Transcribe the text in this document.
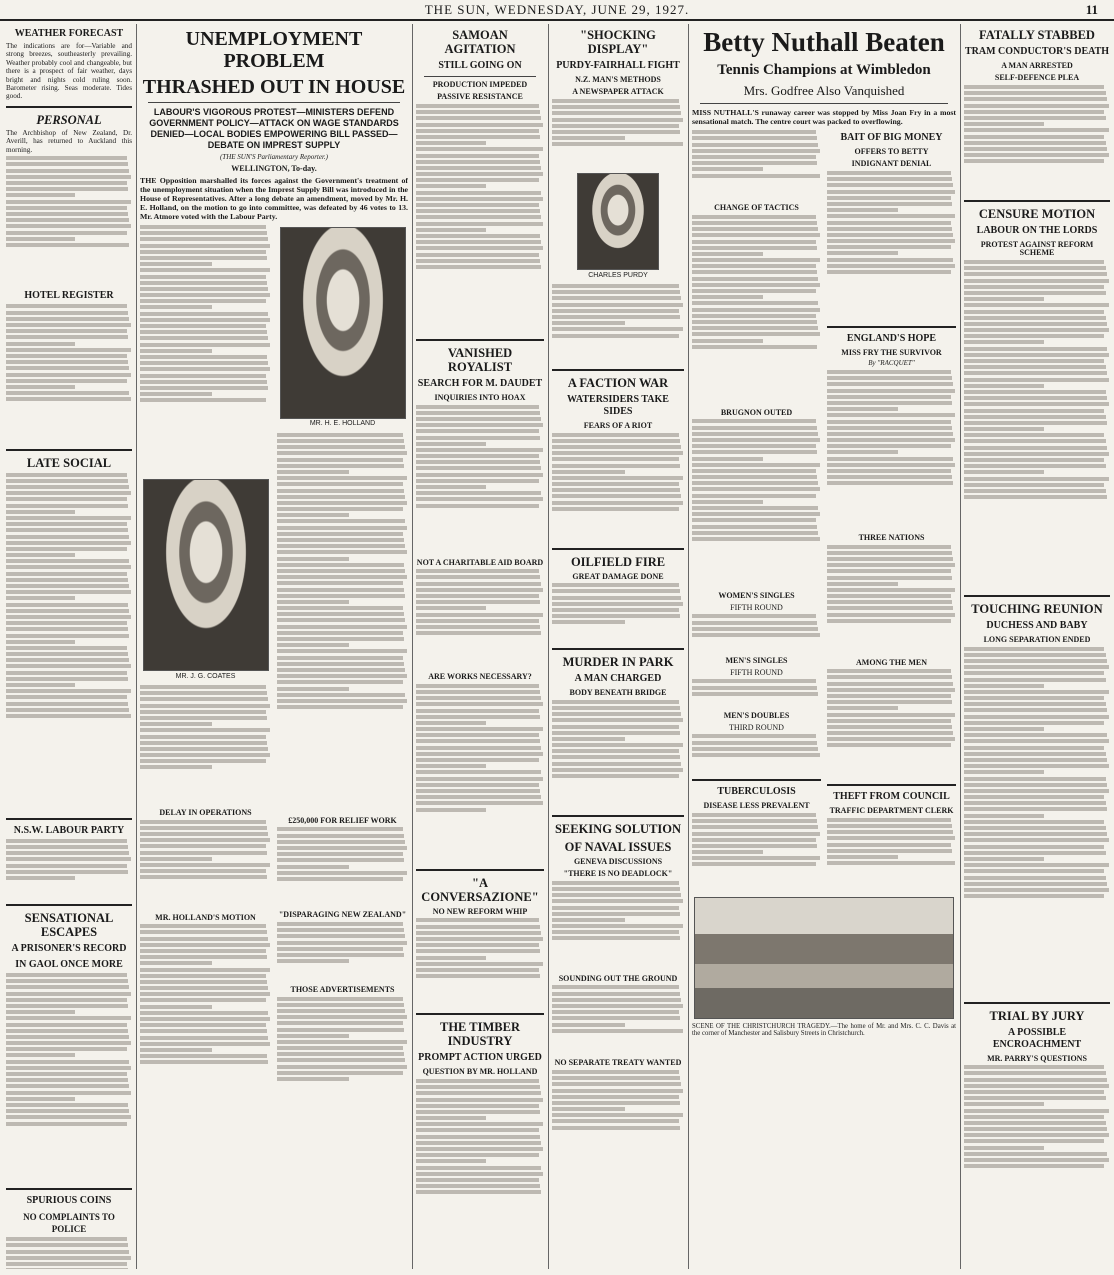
THE SUN, WEDNESDAY, JUNE 29, 1927.	11
WEATHER FORECAST
The indications are for—Variable and strong breezes, southeasterly prevailing. Weather probably cool and changeable, but there is a prospect of fair weather, days bright and nights cold ruling soon. Barometer rising. Seas moderate. Tides good.
PERSONAL
The Archbishop of New Zealand, Dr. Averill, has returned to Auckland this morning.
HOTEL REGISTER
LATE SOCIAL
N.S.W. LABOUR PARTY
SENSATIONAL ESCAPES
A PRISONER'S RECORD
IN GAOL ONCE MORE
SPURIOUS COINS
NO COMPLAINTS TO POLICE
UNEMPLOYMENT PROBLEM
THRASHED OUT IN HOUSE
LABOUR'S VIGOROUS PROTEST—MINISTERS DEFEND GOVERNMENT POLICY—ATTACK ON WAGE STANDARDS DENIED—LOCAL BODIES EMPOWERING BILL PASSED—DEBATE ON IMPREST SUPPLY
(THE SUN'S Parliamentary Reporter.)
WELLINGTON, To-day.
THE Opposition marshalled its forces against the Government's treatment of the unemployment situation when the Imprest Supply Bill was introduced in the House of Representatives. After a long debate an amendment, moved by Mr. H. E. Holland, on the motion to go into committee, was defeated by 46 votes to 13. Mr. Atmore voted with the Labour Party.
MR. J. G. COATES
DELAY IN OPERATIONS
MR. HOLLAND'S MOTION
MR. H. E. HOLLAND
£250,000 FOR RELIEF WORK
"DISPARAGING NEW ZEALAND"
THOSE ADVERTISEMENTS
SAMOAN AGITATION
STILL GOING ON
PRODUCTION IMPEDED
PASSIVE RESISTANCE
VANISHED ROYALIST
SEARCH FOR M. DAUDET
INQUIRIES INTO HOAX
NOT A CHARITABLE AID BOARD
ARE WORKS NECESSARY?
"A CONVERSAZIONE"
NO NEW REFORM WHIP
THE TIMBER INDUSTRY
PROMPT ACTION URGED
QUESTION BY MR. HOLLAND
"SHOCKING DISPLAY"
PURDY-FAIRHALL FIGHT
N.Z. MAN'S METHODS
A NEWSPAPER ATTACK
CHARLES PURDY
A FACTION WAR
WATERSIDERS TAKE SIDES
FEARS OF A RIOT
OILFIELD FIRE
GREAT DAMAGE DONE
MURDER IN PARK
A MAN CHARGED
BODY BENEATH BRIDGE
SEEKING SOLUTION
OF NAVAL ISSUES
GENEVA DISCUSSIONS
"THERE IS NO DEADLOCK"
SOUNDING OUT THE GROUND
NO SEPARATE TREATY WANTED
Betty Nuthall Beaten
Tennis Champions at Wimbledon
Mrs. Godfree Also Vanquished
MISS NUTHALL'S runaway career was stopped by Miss Joan Fry in a most sensational match. The centre court was packed to overflowing.
CHANGE OF TACTICS
BRUGNON OUTED
WOMEN'S SINGLES
FIFTH ROUND
MEN'S SINGLES
FIFTH ROUND
MEN'S DOUBLES
THIRD ROUND
TUBERCULOSIS
DISEASE LESS PREVALENT
BAIT OF BIG MONEY
OFFERS TO BETTY
INDIGNANT DENIAL
ENGLAND'S HOPE
MISS FRY THE SURVIVOR
By "RACQUET"
THREE NATIONS
AMONG THE MEN
THEFT FROM COUNCIL
TRAFFIC DEPARTMENT CLERK
SCENE OF THE CHRISTCHURCH TRAGEDY.—The home of Mr. and Mrs. C. C. Davis at the corner of Manchester and Salisbury Streets in Christchurch.
FATALLY STABBED
TRAM CONDUCTOR'S DEATH
A MAN ARRESTED
SELF-DEFENCE PLEA
CENSURE MOTION
LABOUR ON THE LORDS
PROTEST AGAINST REFORM SCHEME
TOUCHING REUNION
DUCHESS AND BABY
LONG SEPARATION ENDED
TRIAL BY JURY
A POSSIBLE ENCROACHMENT
MR. PARRY'S QUESTIONS
